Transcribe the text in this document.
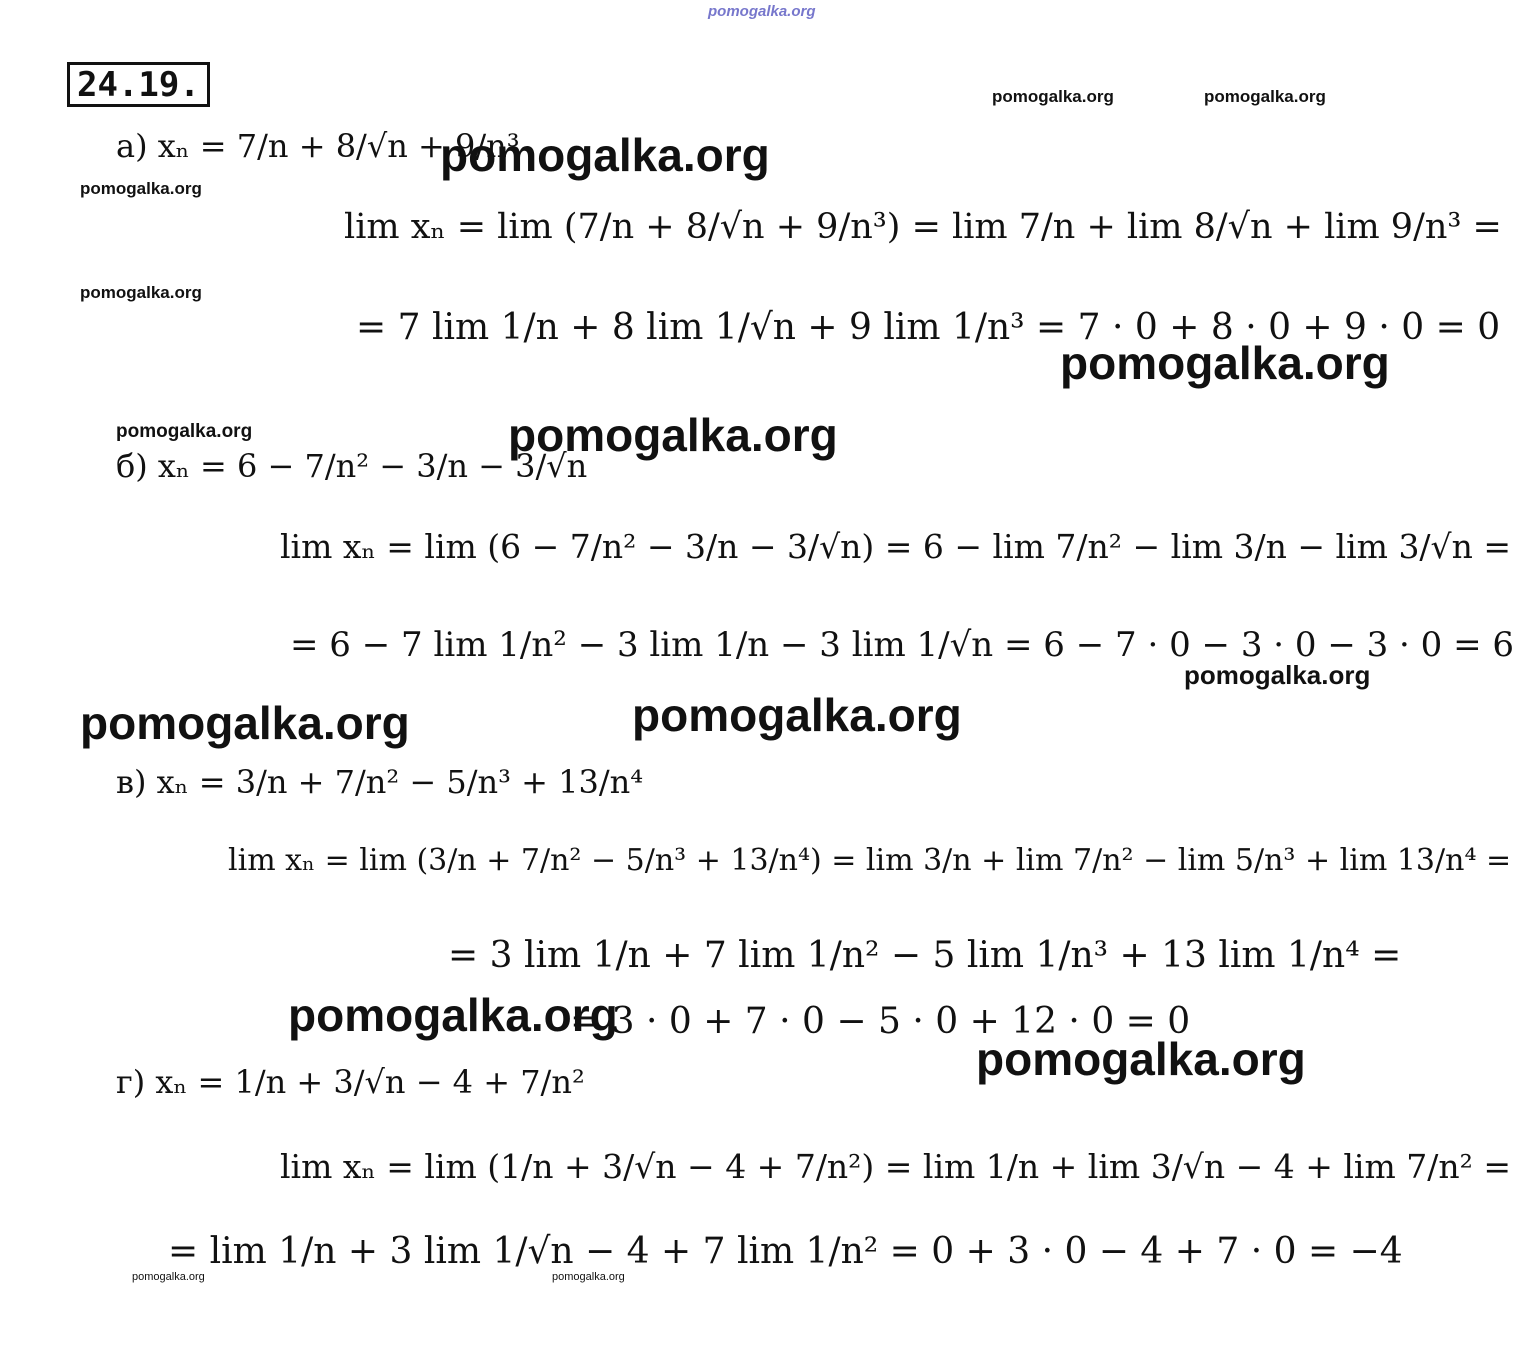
pomogalka.org
24.19.	pomogalka.org	pomogalka.org
pomogalka.org
pomogalka.org
pomogalka.org
pomogalka.org
pomogalka.org	pomogalka.org
pomogalka.org
pomogalka.org
pomogalka.org
pomogalka.org	pomogalka.org
pomogalka.org
pomogalka.org
а) xₙ = 7/n + 8/√n + 9/n³
lim xₙ = lim (7/n + 8/√n + 9/n³) = lim 7/n + lim 8/√n + lim 9/n³ =
= 7 lim 1/n + 8 lim 1/√n + 9 lim 1/n³ = 7 · 0 + 8 · 0 + 9 · 0 = 0
б) xₙ = 6 − 7/n² − 3/n − 3/√n
lim xₙ = lim (6 − 7/n² − 3/n − 3/√n) = 6 − lim 7/n² − lim 3/n − lim 3/√n =
= 6 − 7 lim 1/n² − 3 lim 1/n − 3 lim 1/√n = 6 − 7 · 0 − 3 · 0 − 3 · 0 = 6
в) xₙ = 3/n + 7/n² − 5/n³ + 13/n⁴
lim xₙ = lim (3/n + 7/n² − 5/n³ + 13/n⁴) = lim 3/n + lim 7/n² − lim 5/n³ + lim 13/n⁴ =
= 3 lim 1/n + 7 lim 1/n² − 5 lim 1/n³ + 13 lim 1/n⁴ =
= 3 · 0 + 7 · 0 − 5 · 0 + 12 · 0 = 0
г) xₙ = 1/n + 3/√n − 4 + 7/n²
lim xₙ = lim (1/n + 3/√n − 4 + 7/n²) = lim 1/n + lim 3/√n − 4 + lim 7/n² =
= lim 1/n + 3 lim 1/√n − 4 + 7 lim 1/n² = 0 + 3 · 0 − 4 + 7 · 0 = −4
